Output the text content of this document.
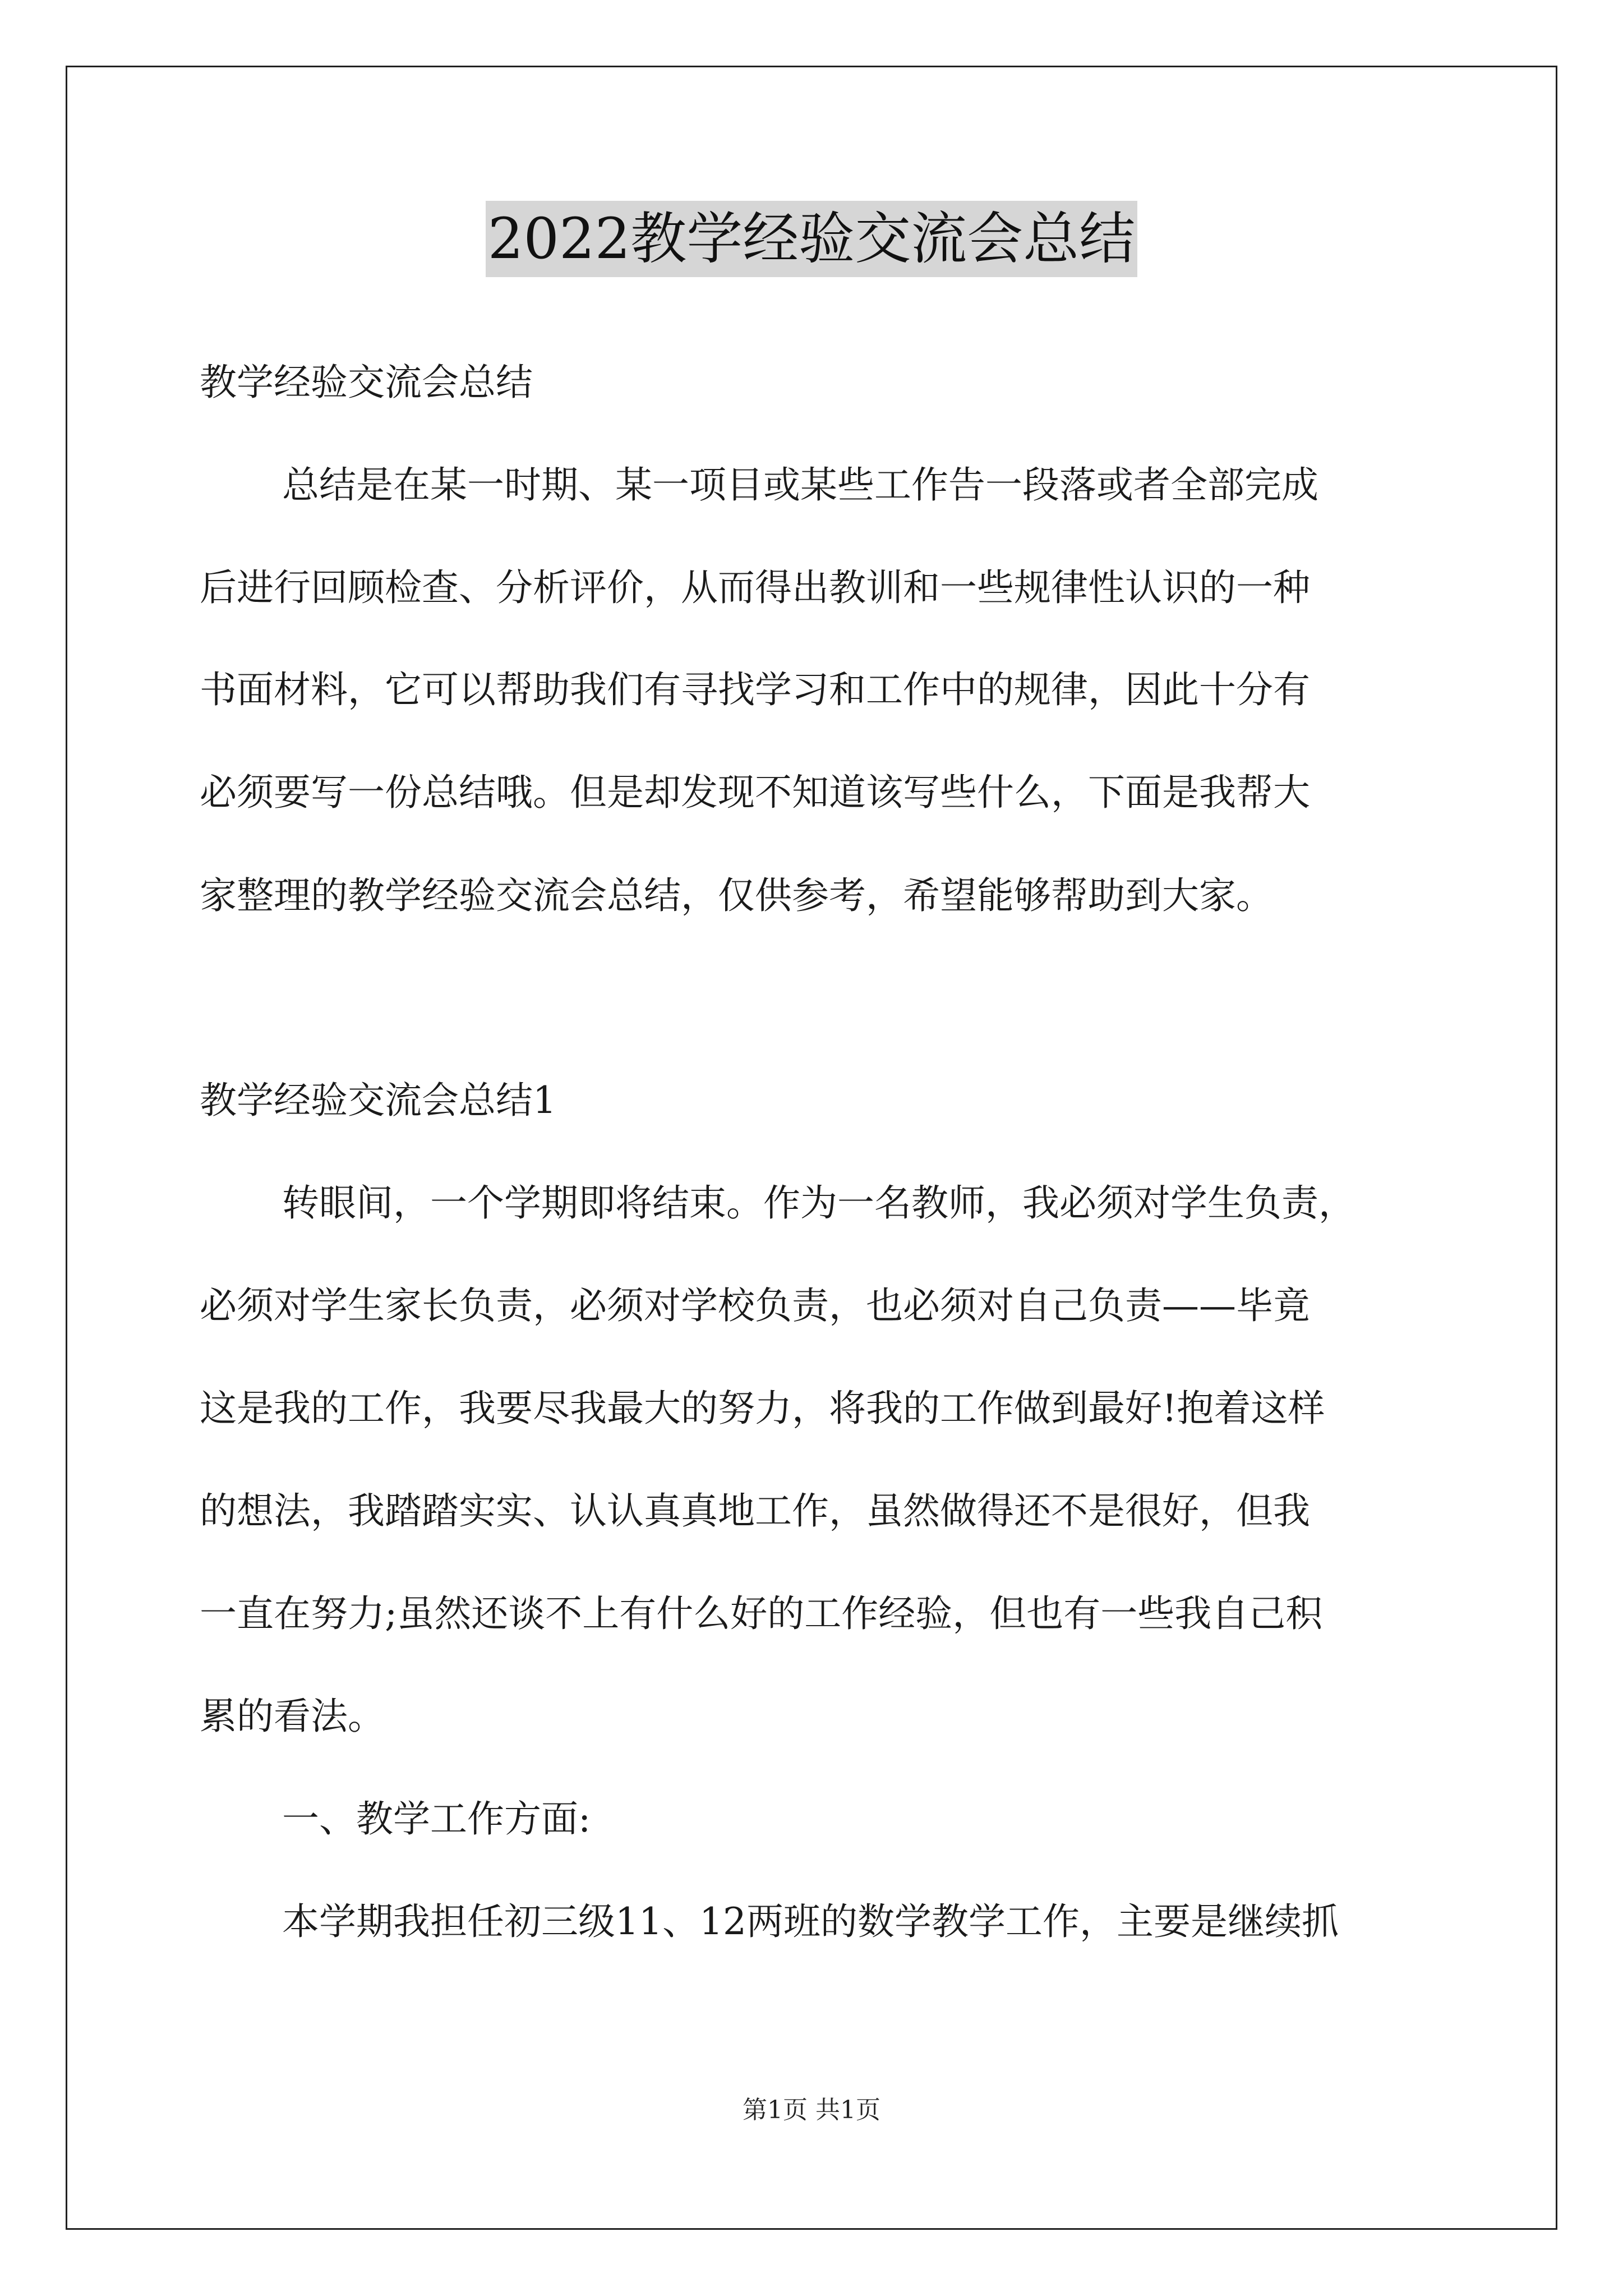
2022教学经验交流会总结
教学经验交流会总结
总结是在某一时期、某一项目或某些工作告一段落或者全部完成
后进行回顾检查、分析评价，从而得出教训和一些规律性认识的一种
书面材料，它可以帮助我们有寻找学习和工作中的规律，因此十分有
必须要写一份总结哦。但是却发现不知道该写些什么，下面是我帮大
家整理的教学经验交流会总结，仅供参考，希望能够帮助到大家。
教学经验交流会总结1
转眼间，一个学期即将结束。作为一名教师，我必须对学生负责，
必须对学生家长负责，必须对学校负责，也必须对自己负责——毕竟
这是我的工作，我要尽我最大的努力，将我的工作做到最好!抱着这样
的想法，我踏踏实实、认认真真地工作，虽然做得还不是很好，但我
一直在努力;虽然还谈不上有什么好的工作经验，但也有一些我自己积
累的看法。
一、教学工作方面:
本学期我担任初三级11、12两班的数学教学工作，主要是继续抓
第1页 共1页
